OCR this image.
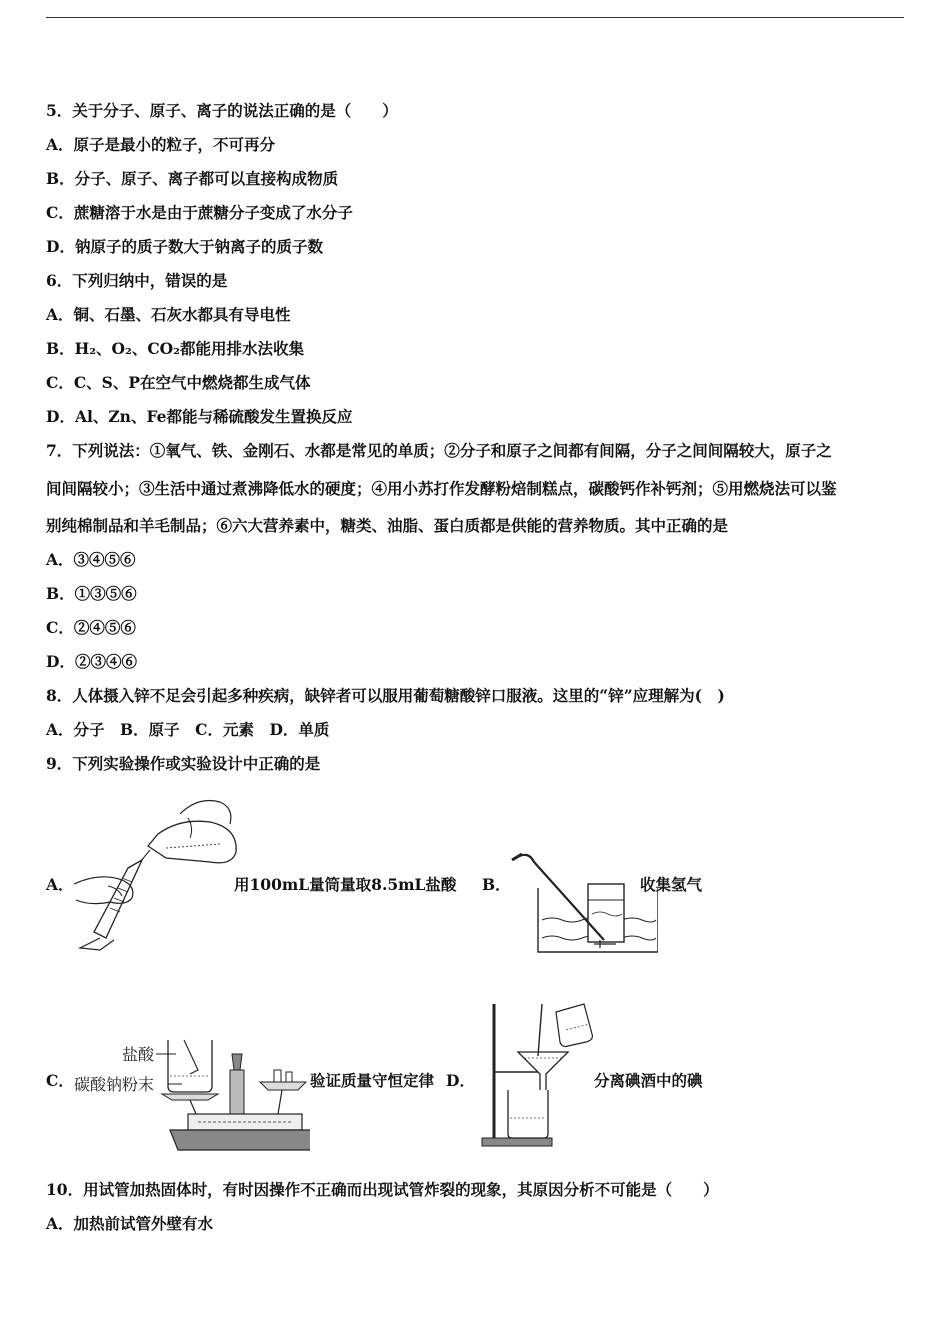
5．关于分子、原子、离子的说法正确的是（　　）
A．原子是最小的粒子，不可再分
B．分子、原子、离子都可以直接构成物质
C．蔗糖溶于水是由于蔗糖分子变成了水分子
D．钠原子的质子数大于钠离子的质子数
6．下列归纳中，错误的是
A．铜、石墨、石灰水都具有导电性
B．H₂、O₂、CO₂都能用排水法收集
C．C、S、P在空气中燃烧都生成气体
D．Al、Zn、Fe都能与稀硫酸发生置换反应
7．下列说法：①氧气、铁、金刚石、水都是常见的单质；②分子和原子之间都有间隔，分子之间间隔较大，原子之
间间隔较小；③生活中通过煮沸降低水的硬度；④用小苏打作发酵粉焙制糕点，碳酸钙作补钙剂；⑤用燃烧法可以鉴
别纯棉制品和羊毛制品；⑥六大营养素中，糖类、油脂、蛋白质都是供能的营养物质。其中正确的是
A．③④⑤⑥
B．①③⑤⑥
C．②④⑤⑥
D．②③④⑥
8．人体摄入锌不足会引起多种疾病，缺锌者可以服用葡萄糖酸锌口服液。这里的“锌”应理解为(　)
A．分子　B．原子　C．元素　D．单质
9．下列实验操作或实验设计中正确的是
A．	用100mL量筒量取8.5mL盐酸 B．	收集氢气
C．
盐酸
碳酸钠粉末	验证质量守恒定律 D．	分离碘酒中的碘
10．用试管加热固体时，有时因操作不正确而出现试管炸裂的现象，其原因分析不可能是（　　）
A．加热前试管外壁有水
